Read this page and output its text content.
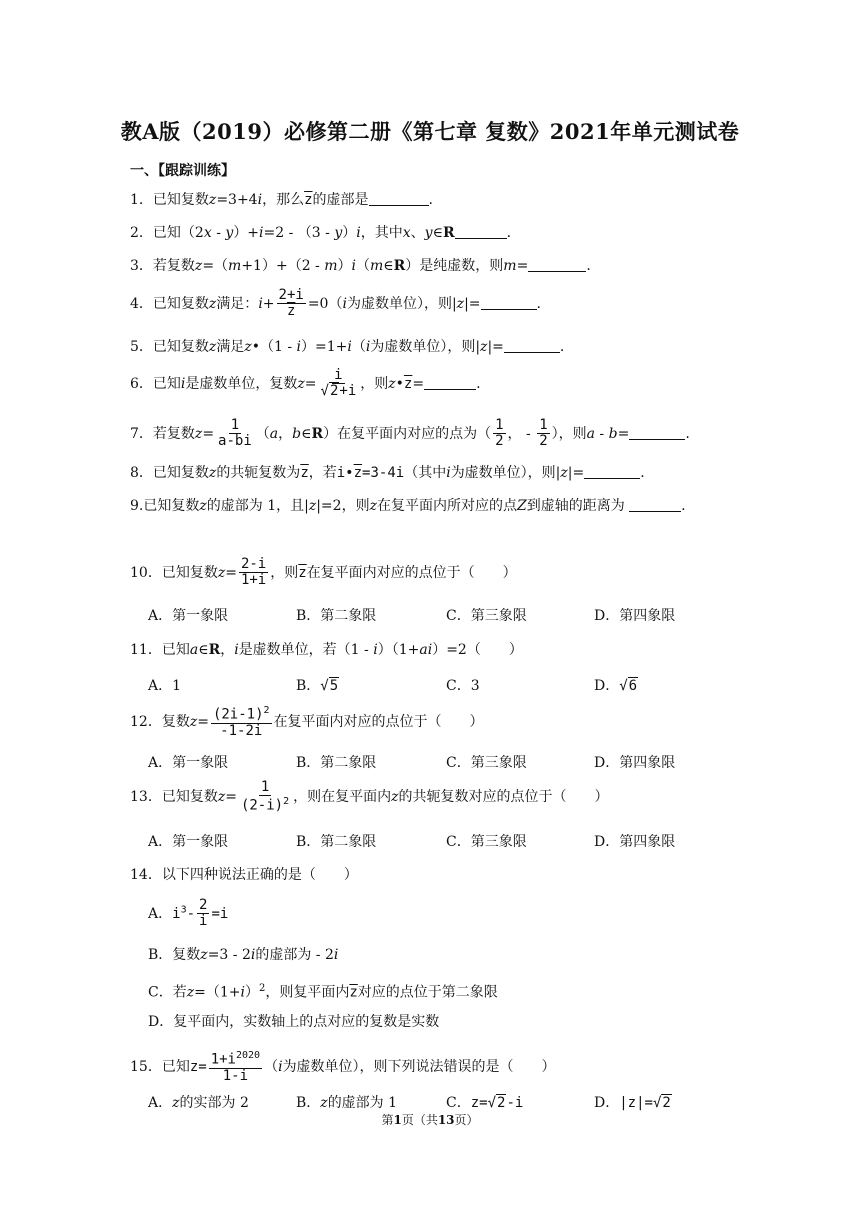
教A版（2019）必修第二册《第七章 复数》2021年单元测试卷
一、【跟踪训练】
1．已知复数z=3+4i，那么$\overline{z}$的虚部是	.
2．已知（2x - y）+i=2 - （3 - y）i，其中x、y∈R	.
3．若复数z=（m+1）+（2 - m）i（m∈R）是纯虚数，则m=	.
4．已知复数z满足：$i+ \frac{2+i}{z} =0(i$为虚数单位），则|z|=	.
5．已知复数z满足z•（1 - i）=1+i（i为虚数单位），则|z|=	.
6．已知i是虚数单位，复数$z= \frac{i}{√2+i}$ ，则$z•\overline{z}=$	.
7．若复数$z= \frac{1}{a-bi} (a$，b∈R）在复平面内对应的点为（ $\frac{1}{2}$ ， - $\frac{1}{2}$ ），则a - b=	.
8．已知复数z的共轭复数为$\overline{z}$，若$i•\overline{z}=3-4i$（其中i为虚数单位），则|z|=	.
9.已知复数z的虚部为 1，且|z|=2，则z在复平面内所对应的点Z到虚轴的距离为	.
10．已知复数$z= \frac{2-i}{1+i}$ ，则$\overline{z}$在复平面内对应的点位于（　　）
A．第一象限	B．第二象限	C．第三象限	D．第四象限
11．已知a∈R，i是虚数单位，若（1 - i）（1+ai）=2（　　）
A．1	B．√5	C．3	D．√6
12．复数$z= \frac{(2i-1)^2}{-1-2i}$ 在复平面内对应的点位于（　　）
A．第一象限	B．第二象限	C．第三象限	D．第四象限
13．已知复数$z= \frac{1}{(2-i)^2}$ ，则在复平面内z的共轭复数对应的点位于（　　）
A．第一象限	B．第二象限	C．第三象限	D．第四象限
14．以下四种说法正确的是（　　）
A．$i^3- \frac{2}{i} =i$
B．复数z=3 - 2i的虚部为 - 2i
C．若$z=(1+i)^2$，则复平面内$\overline{z}$对应的点位于第二象限
D．复平面内，实数轴上的点对应的复数是实数
15．已知$z= \frac{1+i^{2020}}{1-i} (i$为虚数单位），则下列说法错误的是（　　）
A．z的实部为 2	B．z的虚部为 1	C．z=√2-i	D．|z|=√2
第1页（共13页）
